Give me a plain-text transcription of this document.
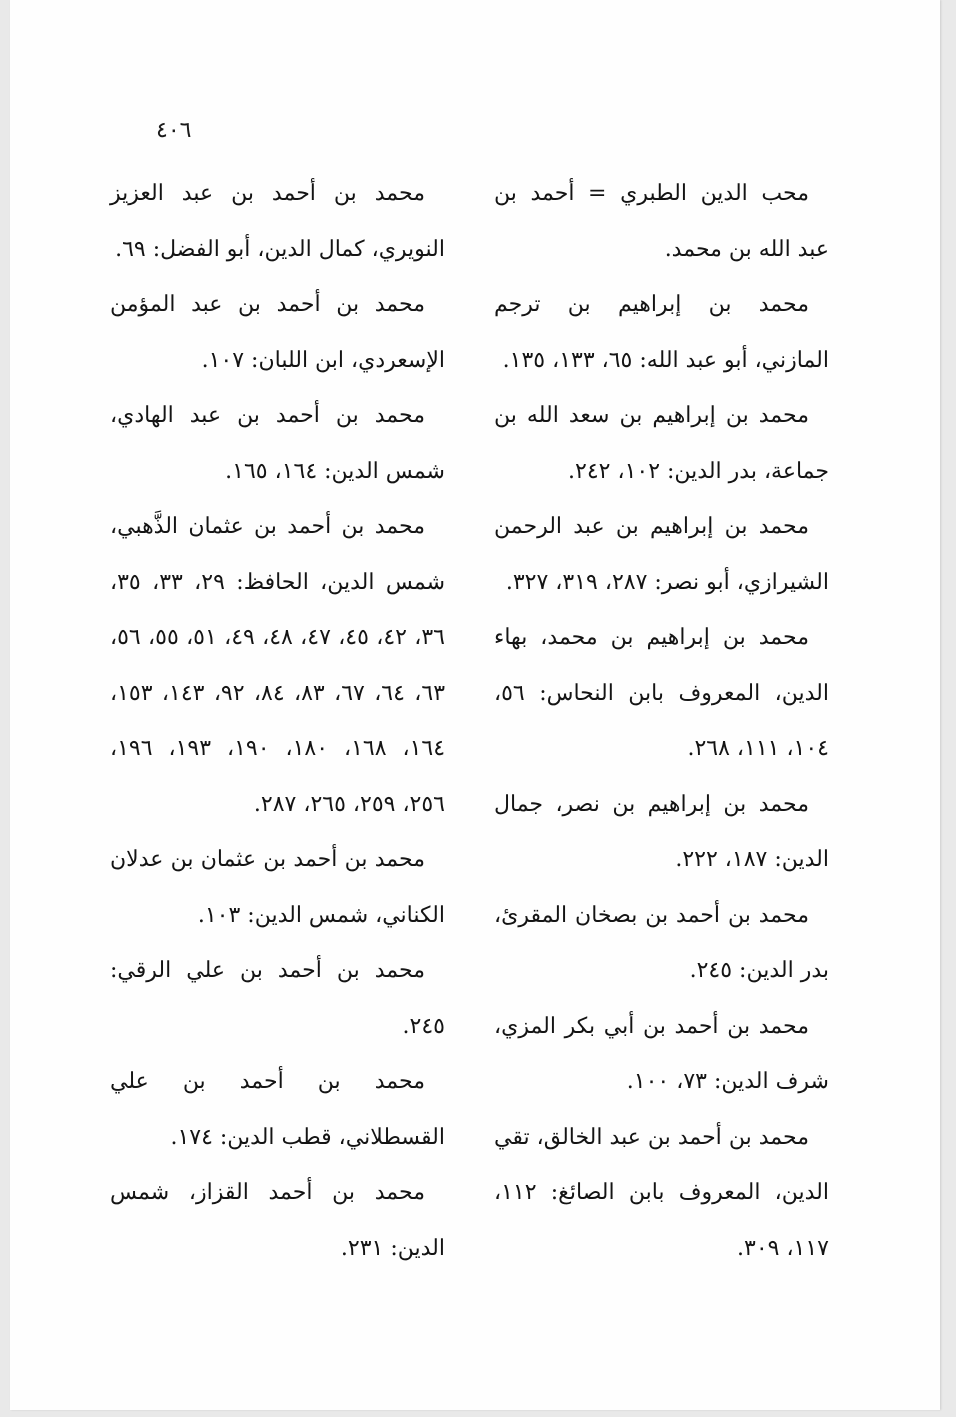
٤٠٦

محب الدين الطبري = أحمد بن عبد الله بن محمد.

محمد بن إبراهيم بن ترجم المازني، أبو عبد الله: ٦٥، ١٣٣، ١٣٥.

محمد بن إبراهيم بن سعد الله بن جماعة، بدر الدين: ١٠٢، ٢٤٢.

محمد بن إبراهيم بن عبد الرحمن الشيرازي، أبو نصر: ٢٨٧، ٣١٩، ٣٢٧.

محمد بن إبراهيم بن محمد، بهاء الدين، المعروف بابن النحاس: ٥٦، ١٠٤، ١١١، ٢٦٨.

محمد بن إبراهيم بن نصر، جمال الدين: ١٨٧، ٢٢٢.

محمد بن أحمد بن بصخان المقرئ، بدر الدين: ٢٤٥.

محمد بن أحمد بن أبي بكر المزي، شرف الدين: ٧٣، ١٠٠.

محمد بن أحمد بن عبد الخالق، تقي الدين، المعروف بابن الصائغ: ١١٢، ١١٧، ٣٠٩.

محمد بن أحمد بن عبد العزيز النويري، كمال الدين، أبو الفضل: ٦٩.

محمد بن أحمد بن عبد المؤمن الإسعردي، ابن اللبان: ١٠٧.

محمد بن أحمد بن عبد الهادي، شمس الدين: ١٦٤، ١٦٥.

محمد بن أحمد بن عثمان الذَّهبي، شمس الدين، الحافظ: ٢٩، ٣٣، ٣٥، ٣٦، ٤٢، ٤٥، ٤٧، ٤٨، ٤٩، ٥١، ٥٥، ٥٦، ٦٣، ٦٤، ٦٧، ٨٣، ٨٤، ٩٢، ١٤٣، ١٥٣، ١٦٤، ١٦٨، ١٨٠، ١٩٠، ١٩٣، ١٩٦، ٢٥٦، ٢٥٩، ٢٦٥، ٢٨٧.

محمد بن أحمد بن عثمان بن عدلان الكناني، شمس الدين: ١٠٣.

محمد بن أحمد بن علي الرقي: ٢٤٥.

محمد بن أحمد بن علي القسطلاني، قطب الدين: ١٧٤.

محمد بن أحمد القزاز، شمس الدين: ٢٣١.
